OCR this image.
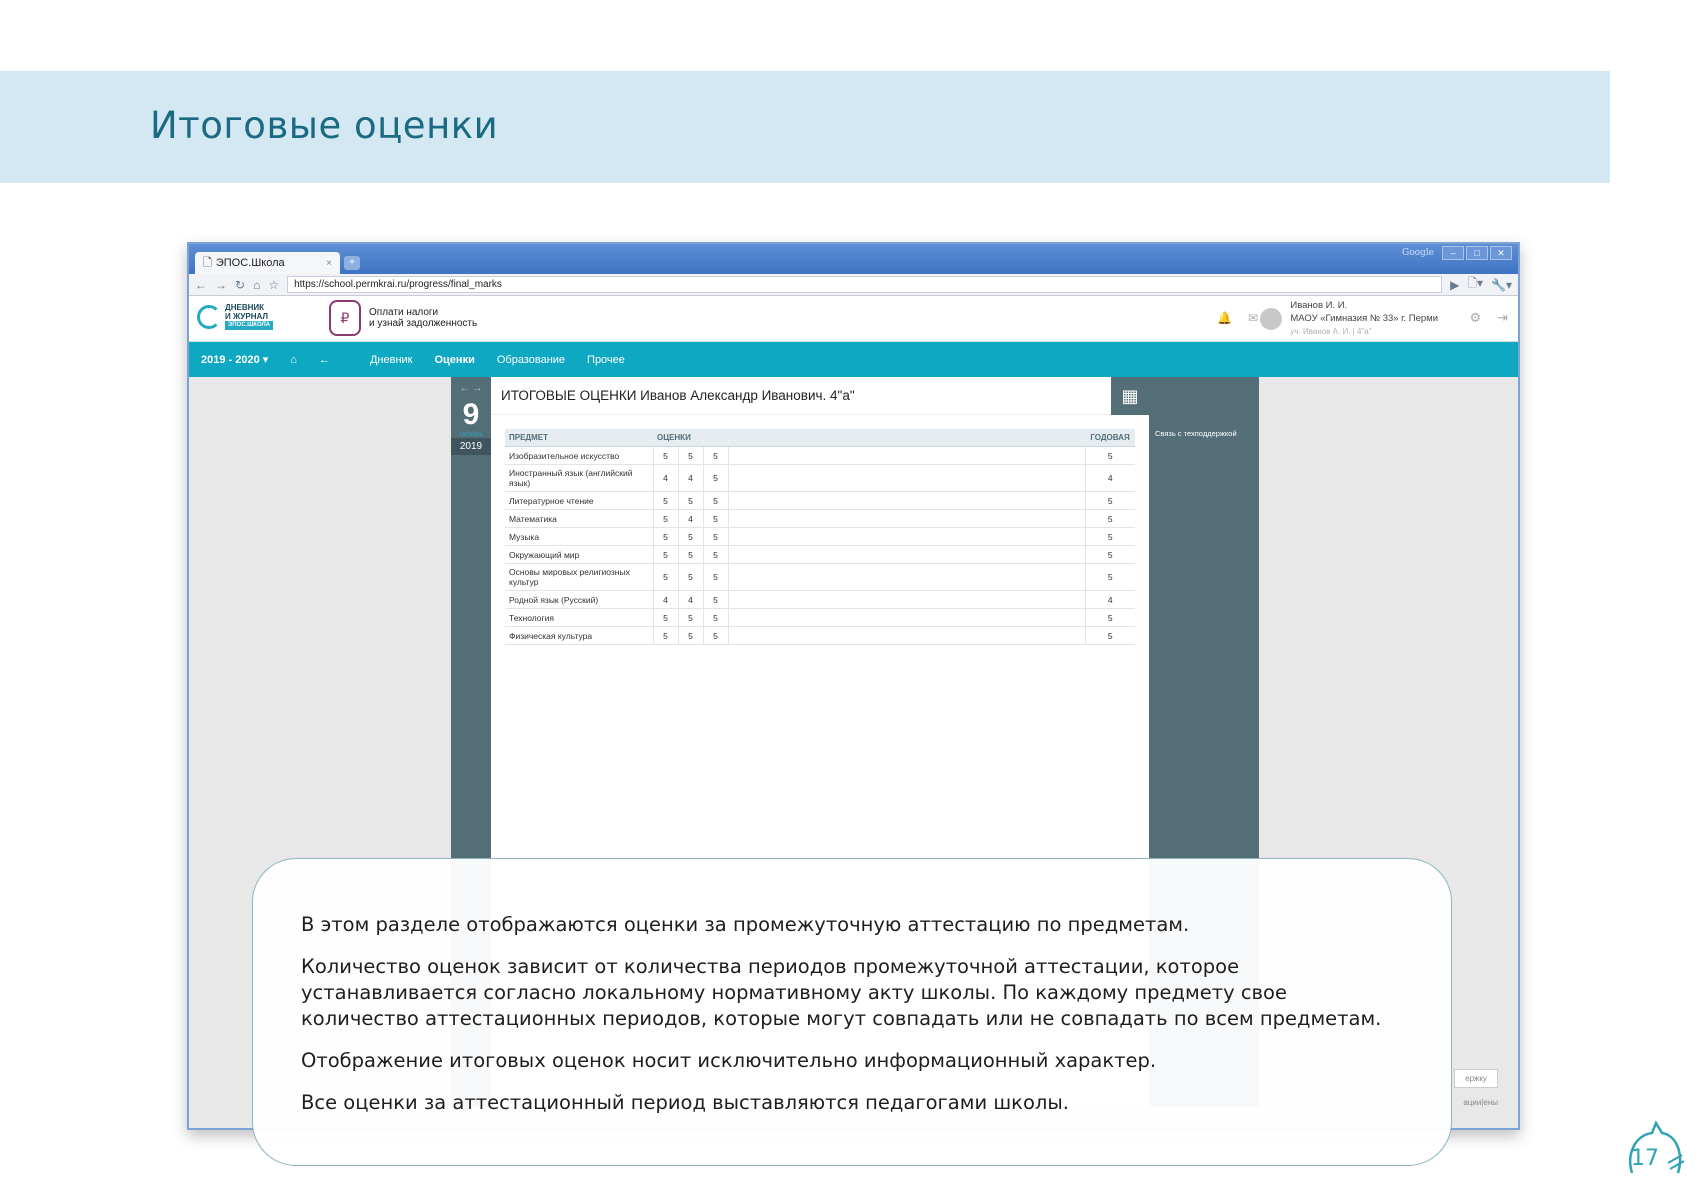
Итоговые оценки
🗋 ЭПОС.Школа	×	+
Google	–	□	✕
← → ↻ ⌂ ☆	https://school.permkrai.ru/progress/final_marks	▶ 🗋▾ 🔧▾
ДНЕВНИК
И ЖУРНАЛ
ЭПОС.ШКОЛА	₽	Оплати налоги
и узнай задолженность	🔔 ✉
Иванов И. И.
МАОУ «Гимназия № 33» г. Перми
уч. Иванов А. И. | 4"а"
⚙ ⇥
2019 - 2020 ▾ ⌂ ←	Дневник Оценки Образование Прочее
← →
9
Октябрь
2019
ИТОГОВЫЕ ОЦЕНКИ Иванов Александр Иванович. 4"а"	▦
ПРЕДМЕТ	ОЦЕНКИ				ГОДОВАЯ
Изобразительное искусство	5	5	5		5
Иностранный язык (английский язык)	4	4	5		4
Литературное чтение	5	5	5		5
Математика	5	4	5		5
Музыка	5	5	5		5
Окружающий мир	5	5	5		5
Основы мировых религиозных культур	5	5	5		5
Родной язык (Русский)	4	4	5		4
Технология	5	5	5		5
Физическая культура	5	5	5		5
Связь с техподдержкой
ержку
ации|ены

В этом разделе отображаются оценки за промежуточную аттестацию по предметам.

Количество оценок зависит от количества периодов промежуточной аттестации, которое устанавливается согласно локальному нормативному акту школы. По каждому предмету свое количество аттестационных периодов, которые могут совпадать или не совпадать по всем предметам.

Отображение итоговых оценок носит исключительно информационный характер.

Все оценки за аттестационный период выставляются педагогами школы.

17
